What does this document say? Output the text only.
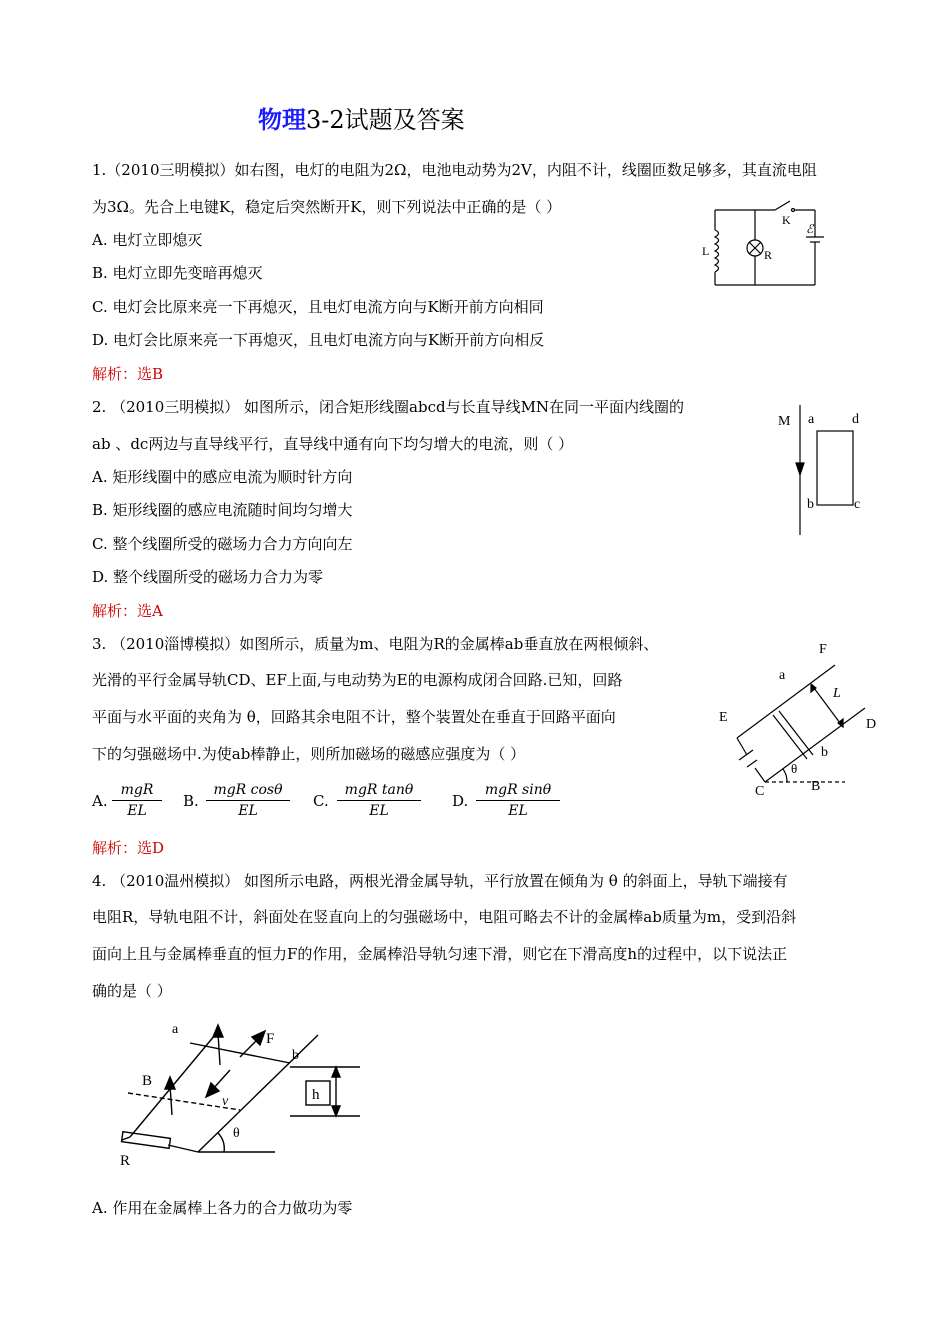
物理3-2试题及答案
1.（2010三明模拟）如右图，电灯的电阻为2Ω，电池电动势为2V，内阻不计，线圈匝数足够多，其直流电阻
为3Ω。先合上电键K，稳定后突然断开K，则下列说法中正确的是（ ）
A. 电灯立即熄灭
B. 电灯立即先变暗再熄灭
C. 电灯会比原来亮一下再熄灭，且电灯电流方向与K断开前方向相同
D. 电灯会比原来亮一下再熄灭，且电灯电流方向与K断开前方向相反
解析：选B
K
ℰ
L	R
2. （2010三明模拟） 如图所示，闭合矩形线圈abcd与长直导线MN在同一平面内线圈的
ab 、dc两边与直导线平行，直导线中通有向下均匀增大的电流，则（ ）
A. 矩形线圈中的感应电流为顺时针方向
B. 矩形线圈的感应电流随时间均匀增大
C. 整个线圈所受的磁场力合力方向向左
D. 整个线圈所受的磁场力合力为零
解析：选A
M a	d
b	c
3. （2010淄博模拟）如图所示，质量为m、电阻为R的金属棒ab垂直放在两根倾斜、
光滑的平行金属导轨CD、EF上面,与电动势为E的电源构成闭合回路.已知，回路
平面与水平面的夹角为 θ，回路其余电阻不计，整个装置处在垂直于回路平面向
下的匀强磁场中.为使ab棒静止，则所加磁场的磁感应强度为（ ）
A.
mgR
EL
B.
mgR cosθ
EL
C.
mgR tanθ
EL
D.
mgR sinθ
EL
解析：选D
F
a
L
E	D
b
θ
C	B
4. （2010温州模拟） 如图所示电路，两根光滑金属导轨，平行放置在倾角为 θ 的斜面上，导轨下端接有
电阻R，导轨电阻不计，斜面处在竖直向上的匀强磁场中，电阻可略去不计的金属棒ab质量为m，受到沿斜
面向上且与金属棒垂直的恒力F的作用，金属棒沿导轨匀速下滑，则它在下滑高度h的过程中，以下说法正
确的是（ ）
a
F
b
B
v	h
θ
R
A. 作用在金属棒上各力的合力做功为零
